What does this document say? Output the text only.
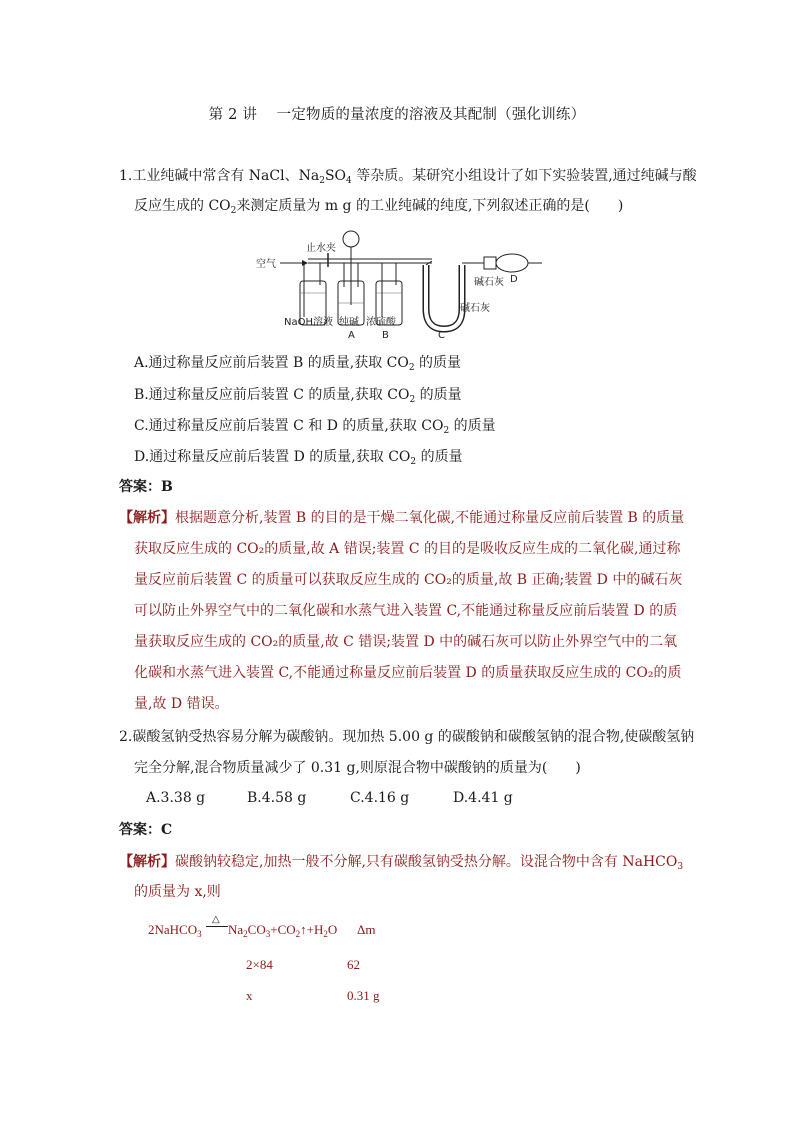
第 2 讲　 一定物质的量浓度的溶液及其配制（强化训练）
1.工业纯碱中常含有 NaCl、$Na_2SO_4$ 等杂质。某研究小组设计了如下实验装置,通过纯碱与酸
反应生成的 $CO_2$来测定质量为 m g 的工业纯碱的纯度,下列叙述正确的是(　　)
空气
止水夹
碱石灰 D
碱石灰
NaOH溶液 纯碱 浓硫酸
A	B	C
A.通过称量反应前后装置 B 的质量,获取 $CO_2$ 的质量
B.通过称量反应前后装置 C 的质量,获取 $CO_2$ 的质量
C.通过称量反应前后装置 C 和 D 的质量,获取 $CO_2$ 的质量
D.通过称量反应前后装置 D 的质量,获取 $CO_2$ 的质量
答案：B
【解析】根据题意分析,装置 B 的目的是干燥二氧化碳,不能通过称量反应前后装置 B 的质量
获取反应生成的 CO₂的质量,故 A 错误;装置 C 的目的是吸收反应生成的二氧化碳,通过称
量反应前后装置 C 的质量可以获取反应生成的 CO₂的质量,故 B 正确;装置 D 中的碱石灰
可以防止外界空气中的二氧化碳和水蒸气进入装置 C,不能通过称量反应前后装置 D 的质
量获取反应生成的 CO₂的质量,故 C 错误;装置 D 中的碱石灰可以防止外界空气中的二氧
化碳和水蒸气进入装置 C,不能通过称量反应前后装置 D 的质量获取反应生成的 CO₂的质
量,故 D 错误。
2.碳酸氢钠受热容易分解为碳酸钠。现加热 5.00 g 的碳酸钠和碳酸氢钠的混合物,使碳酸氢钠
完全分解,混合物质量减少了 0.31 g,则原混合物中碳酸钠的质量为(　　)
A.3.38 g	B.4.58 g	C.4.16 g	D.4.41 g
答案：C
【解析】碳酸钠较稳定,加热一般不分解,只有碳酸氢钠受热分解。设混合物中含有 NaHCO$_3$
的质量为 x,则
2NaHCO$_3$
△
$Na_2CO_3+CO_2↑+H_2O$ Δm
2×84	62
x	0.31 g
